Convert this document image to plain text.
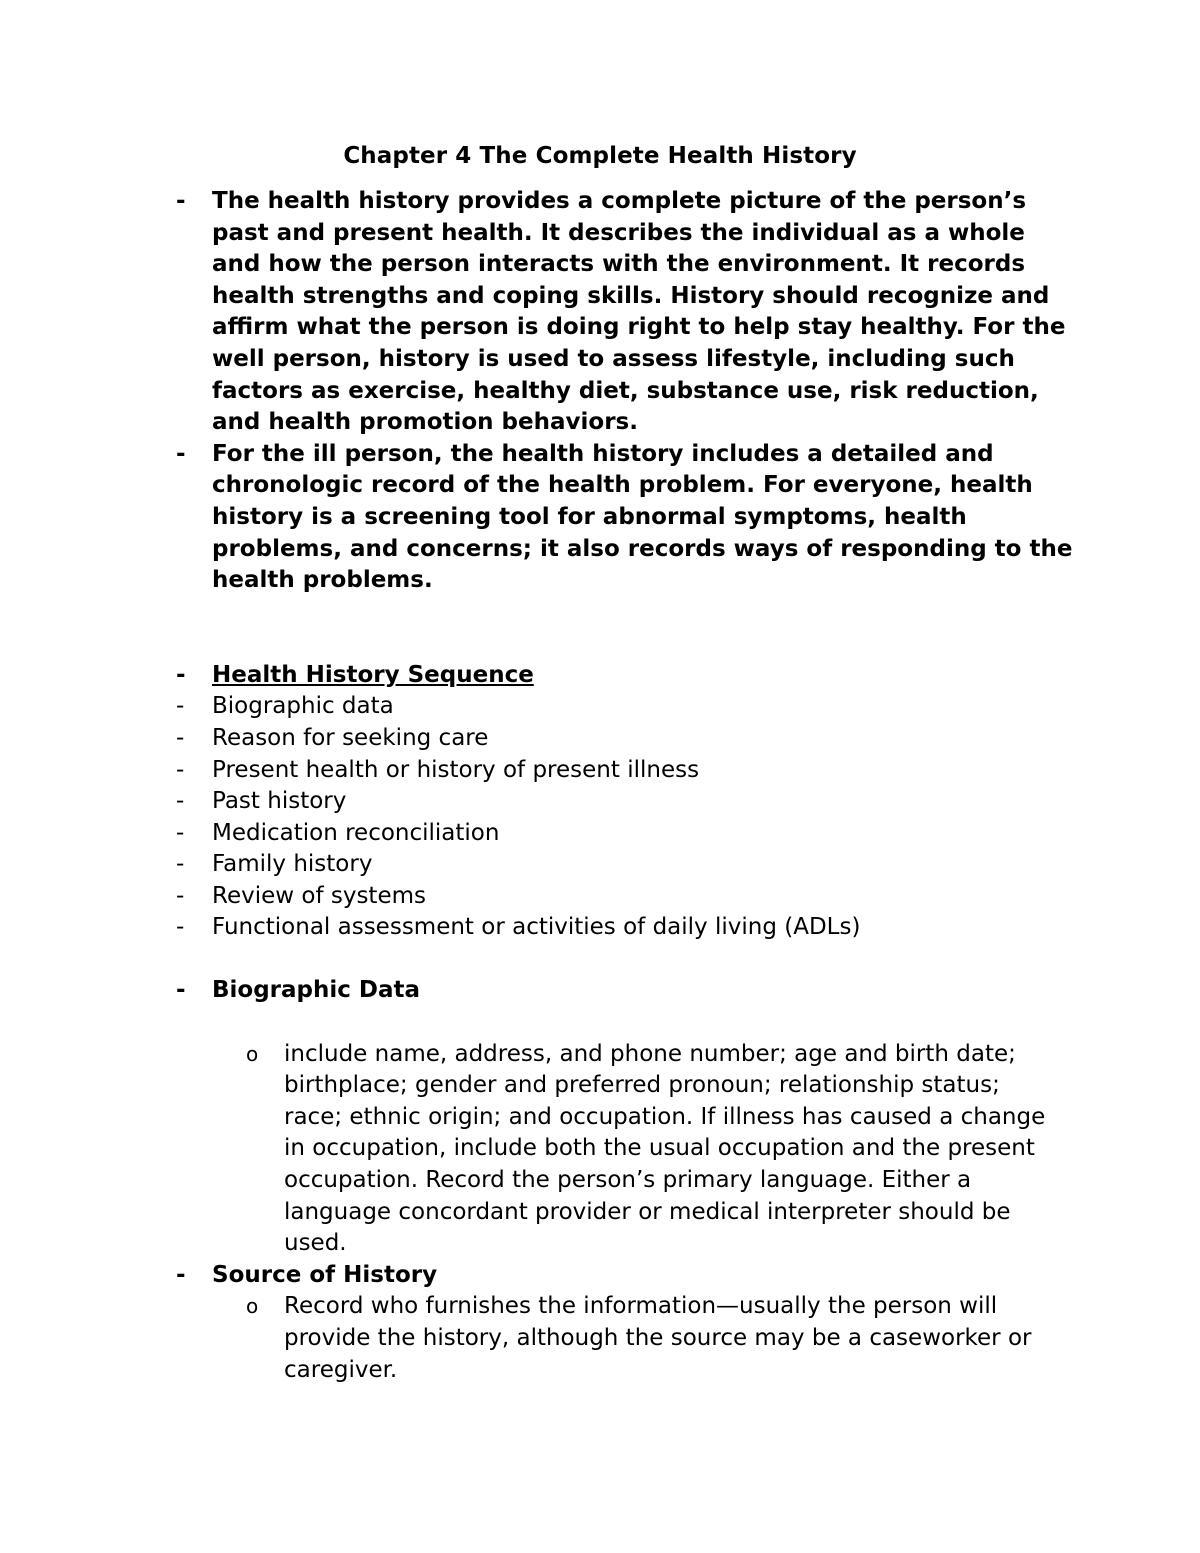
Chapter 4 The Complete Health History
- The health history provides a complete picture of the person’s past and present health. It describes the individual as a whole and how the person interacts with the environment. It records health strengths and coping skills. History should recognize and affirm what the person is doing right to help stay healthy. For the well person, history is used to assess lifestyle, including such factors as exercise, healthy diet, substance use, risk reduction, and health promotion behaviors.
- For the ill person, the health history includes a detailed and chronologic record of the health problem. For everyone, health history is a screening tool for abnormal symptoms, health problems, and concerns; it also records ways of responding to the health problems.
- Health History Sequence
- Biographic data
- Reason for seeking care
- Present health or history of present illness
- Past history
- Medication reconciliation
- Family history
- Review of systems
- Functional assessment or activities of daily living (ADLs)
- Biographic Data
o include name, address, and phone number; age and birth date; birthplace; gender and preferred pronoun; relationship status; race; ethnic origin; and occupation. If illness has caused a change in occupation, include both the usual occupation and the present occupation. Record the person’s primary language. Either a language concordant provider or medical interpreter should be used.
- Source of History
o Record who furnishes the information—usually the person will provide the history, although the source may be a caseworker or caregiver.
